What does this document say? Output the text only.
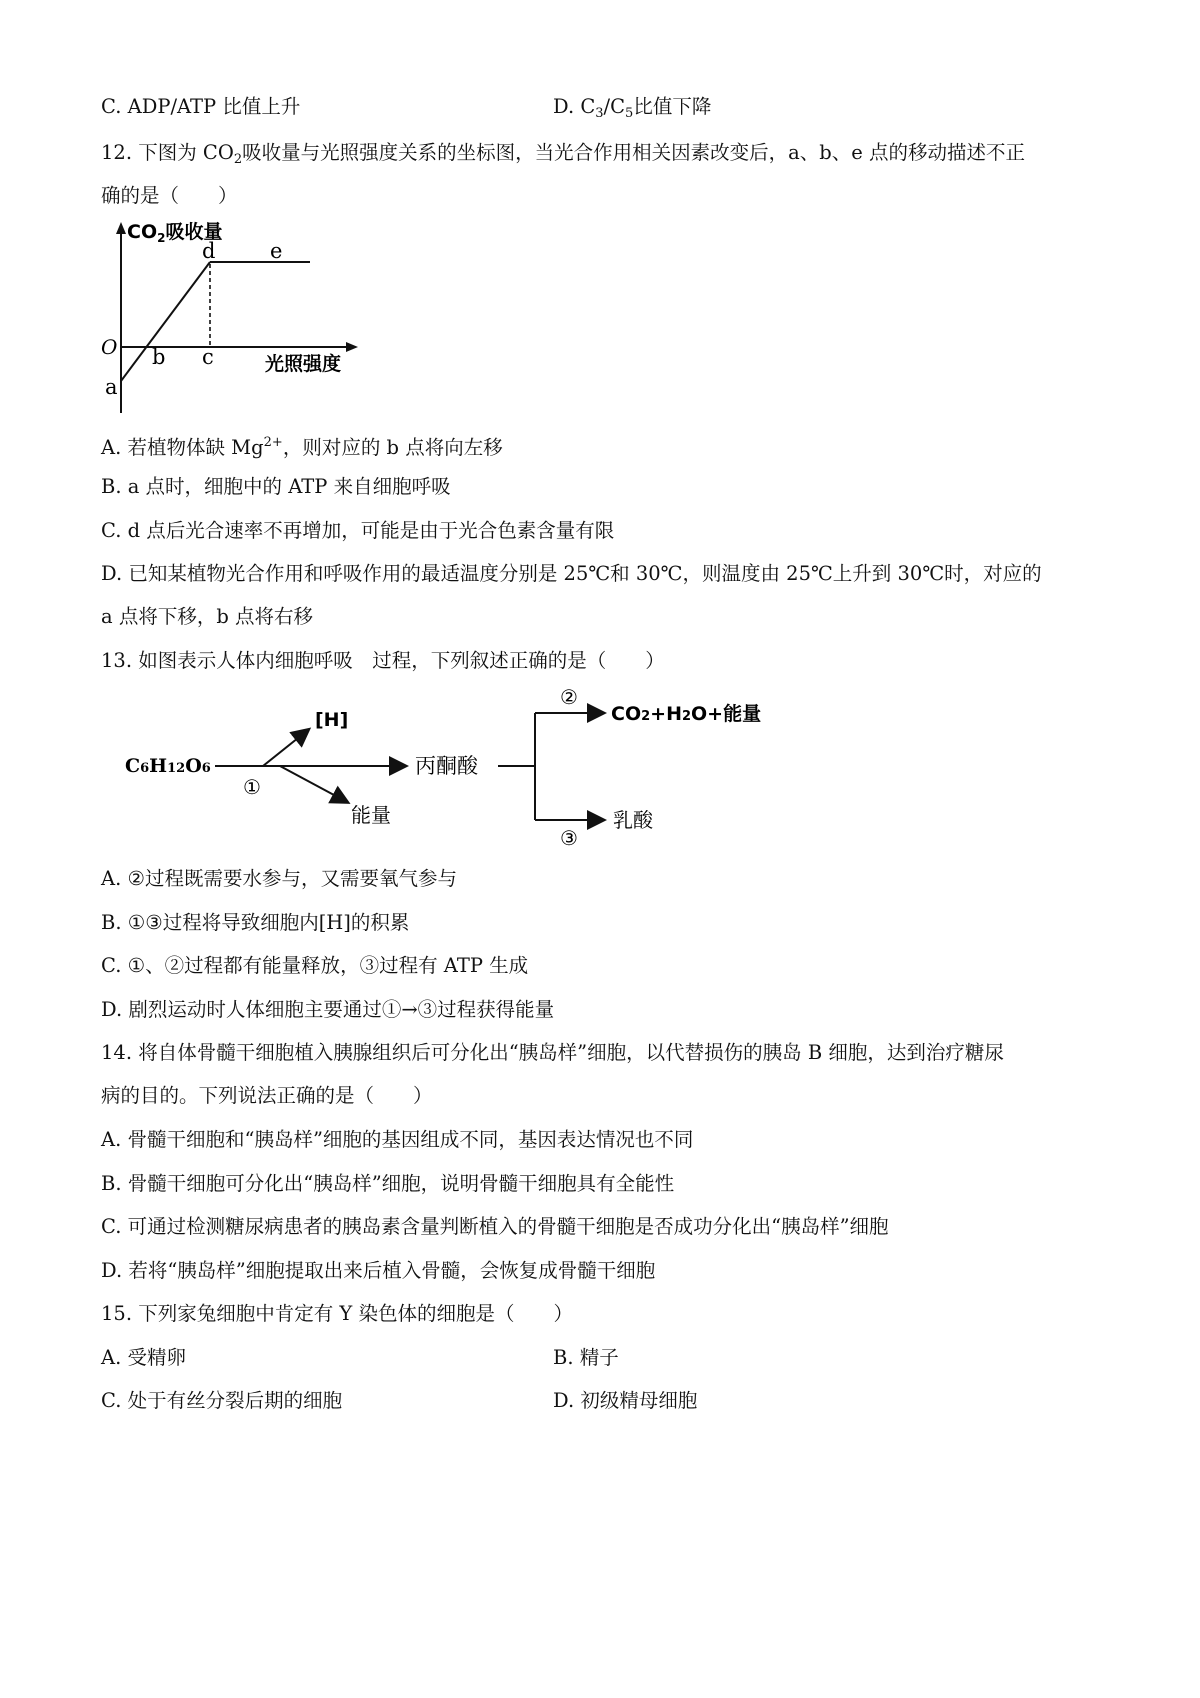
C. ADP/ATP 比值上升	D. $C_3/C_5$比值下降
12. 下图为 $CO_2$吸收量与光照强度关系的坐标图，当光合作用相关因素改变后，a、b、e 点的移动描述不正
确的是（　　）
$CO_2$吸收量
O
a
b c
d	e
光照强度
A. 若植物体缺 $Mg^{2+}$，则对应的 b 点将向左移
B. a 点时，细胞中的 ATP 来自细胞呼吸
C. d 点后光合速率不再增加，可能是由于光合色素含量有限
D. 已知某植物光合作用和呼吸作用的最适温度分别是 25℃和 30℃，则温度由 25℃上升到 30℃时，对应的
a 点将下移，b 点将右移
13. 如图表示人体内细胞呼吸　过程，下列叙述正确的是（　　）
C6H12O6
[H]
能量
①
丙酮酸
②
③
CO2+H2O+能量
乳酸
A. ②过程既需要水参与，又需要氧气参与
B. ①③过程将导致细胞内[H]的积累
C. ①、②过程都有能量释放，③过程有 ATP 生成
D. 剧烈运动时人体细胞主要通过①→③过程获得能量
14. 将自体骨髓干细胞植入胰腺组织后可分化出“胰岛样”细胞，以代替损伤的胰岛 B 细胞，达到治疗糖尿
病的目的。下列说法正确的是（　　）
A. 骨髓干细胞和“胰岛样”细胞的基因组成不同，基因表达情况也不同
B. 骨髓干细胞可分化出“胰岛样”细胞，说明骨髓干细胞具有全能性
C. 可通过检测糖尿病患者的胰岛素含量判断植入的骨髓干细胞是否成功分化出“胰岛样”细胞
D. 若将“胰岛样”细胞提取出来后植入骨髓，会恢复成骨髓干细胞
15. 下列家兔细胞中肯定有 Y 染色体的细胞是（　　）
A. 受精卵	B. 精子
C. 处于有丝分裂后期的细胞	D. 初级精母细胞
